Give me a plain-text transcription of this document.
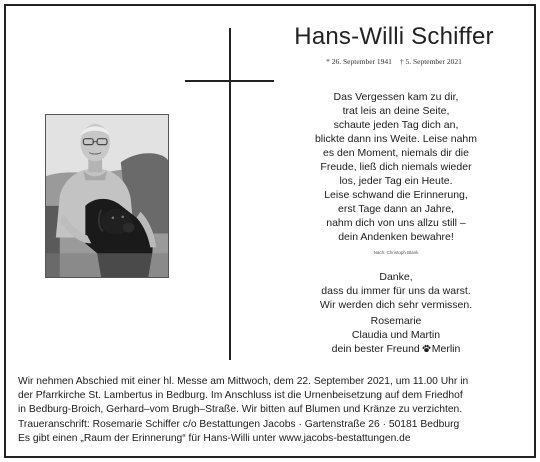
Hans-Willi Schiffer
* 26. September 1941 † 5. September 2021
Das Vergessen kam zu dir,
trat leis an deine Seite,
schaute jeden Tag dich an,
blickte dann ins Weite. Leise nahm
es den Moment, niemals dir die
Freude, ließ dich niemals wieder
los, jeder Tag ein Heute.
Leise schwand die Erinnerung,
erst Tage dann an Jahre,
nahm dich von uns allzu still –
dein Andenken bewahre!
Nach: Christoph Blank
Danke,
dass du immer für uns da warst.
Wir werden dich sehr vermissen.
Rosemarie
Claudia und Martin
dein bester Freund Merlin
Wir nehmen Abschied mit einer hl. Messe am Mittwoch, dem 22. September 2021, um 11.00 Uhr in
der Pfarrkirche St. Lambertus in Bedburg. Im Anschluss ist die Urnenbeisetzung auf dem Friedhof
in Bedburg-Broich, Gerhard–vom Brugh–Straße. Wir bitten auf Blumen und Kränze zu verzichten.
Traueranschrift: Rosemarie Schiffer c/o Bestattungen Jacobs · Gartenstraße 26 · 50181 Bedburg
Es gibt einen „Raum der Erinnerung“ für Hans-Willi unter www.jacobs-bestattungen.de
